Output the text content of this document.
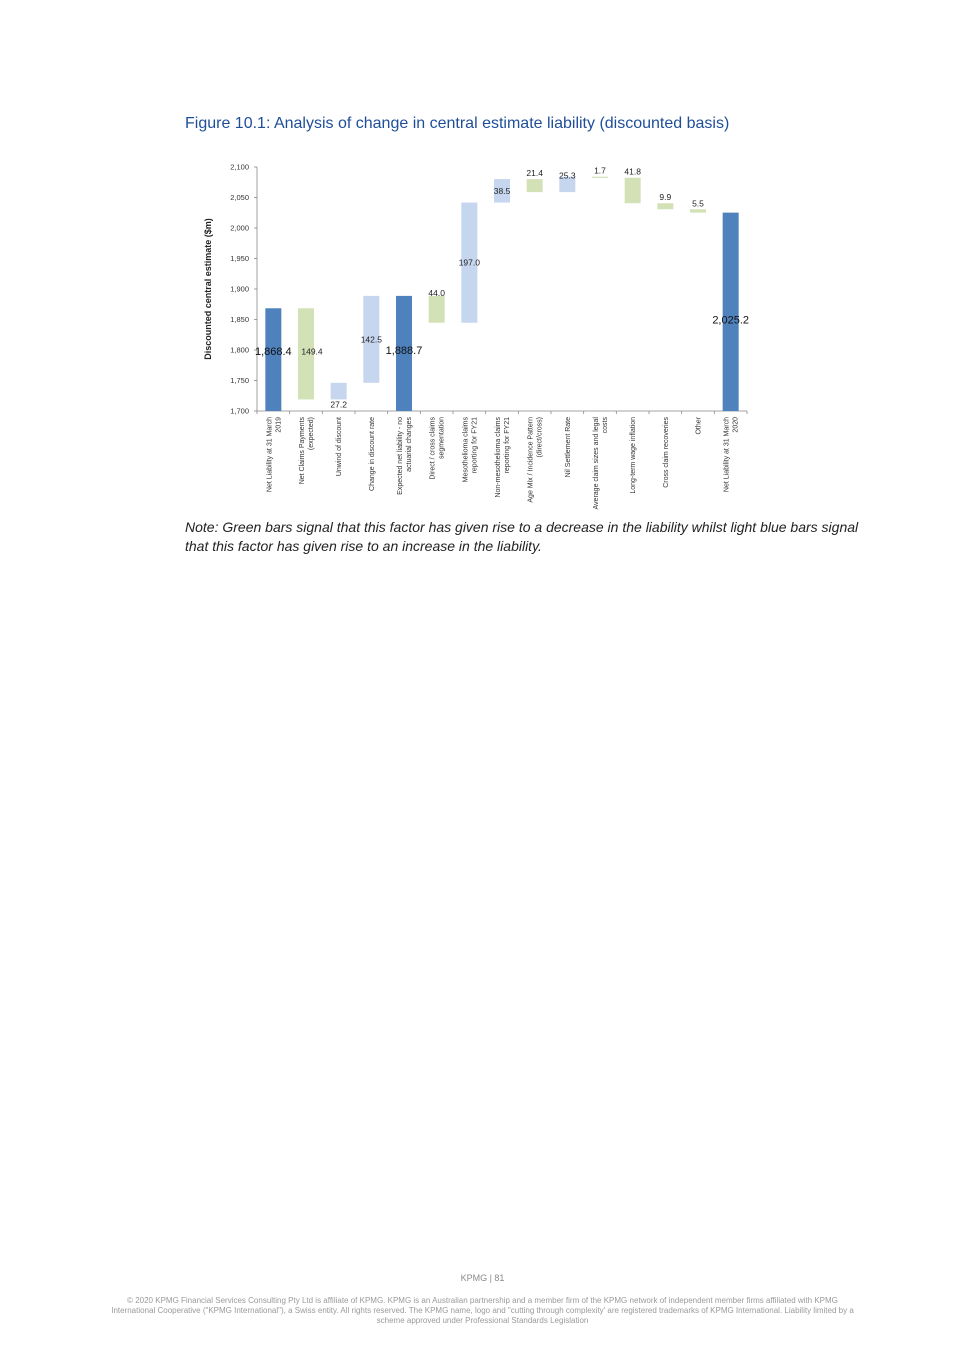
Figure 10.1: Analysis of change in central estimate liability (discounted basis)
1,700
1,750
1,800
1,850
1,900
1,950
2,000
2,050
2,100
1,868.4 149.4
27.2
142.5
1,888.7
44.0
197.0
38.5
21.4 25.3 1.7 41.8
9.9
5.5
2,025.2
Net Liability at 31 March 2019 Net Claims Payments (expected)	Unwind of discount	Change in discount rate	Expected net liability - no actuarial changes Direct / cross claims segmentation Mesothelioma claims reporting for FY21 Non-mesothelioma claims reporting for FY21 Age Mix / Incidence Pattern (direct/cross)	Nil Settlement Rate	Average claim sizes and legal costs	Long-term wage inflation	Cross claim recoveries	Other	Net Liability at 31 March 2020
Discounted central estimate ($m)
Note: Green bars signal that this factor has given rise to a decrease in the liability whilst light blue bars signal that this factor has given rise to an increase in the liability.
KPMG | 81
© 2020 KPMG Financial Services Consulting Pty Ltd is affiliate of KPMG. KPMG is an Australian partnership and a member firm of the KPMG network of independent member firms affiliated with KPMG International Cooperative ("KPMG International"), a Swiss entity. All rights reserved. The KPMG name, logo and "cutting through complexity' are registered trademarks of KPMG International. Liability limited by a scheme approved under Professional Standards Legislation
